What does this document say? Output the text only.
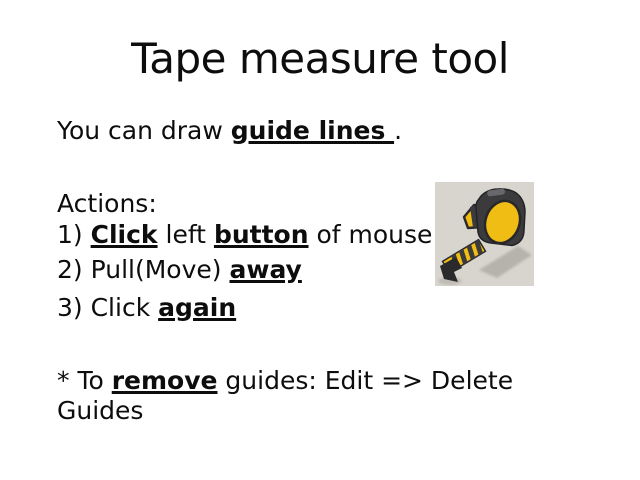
Tape measure tool

You can draw guide lines .

Actions:

1) Click left button of mouse

2) Pull(Move) away

3) Click again

* To remove guides: Edit => Delete

Guides
